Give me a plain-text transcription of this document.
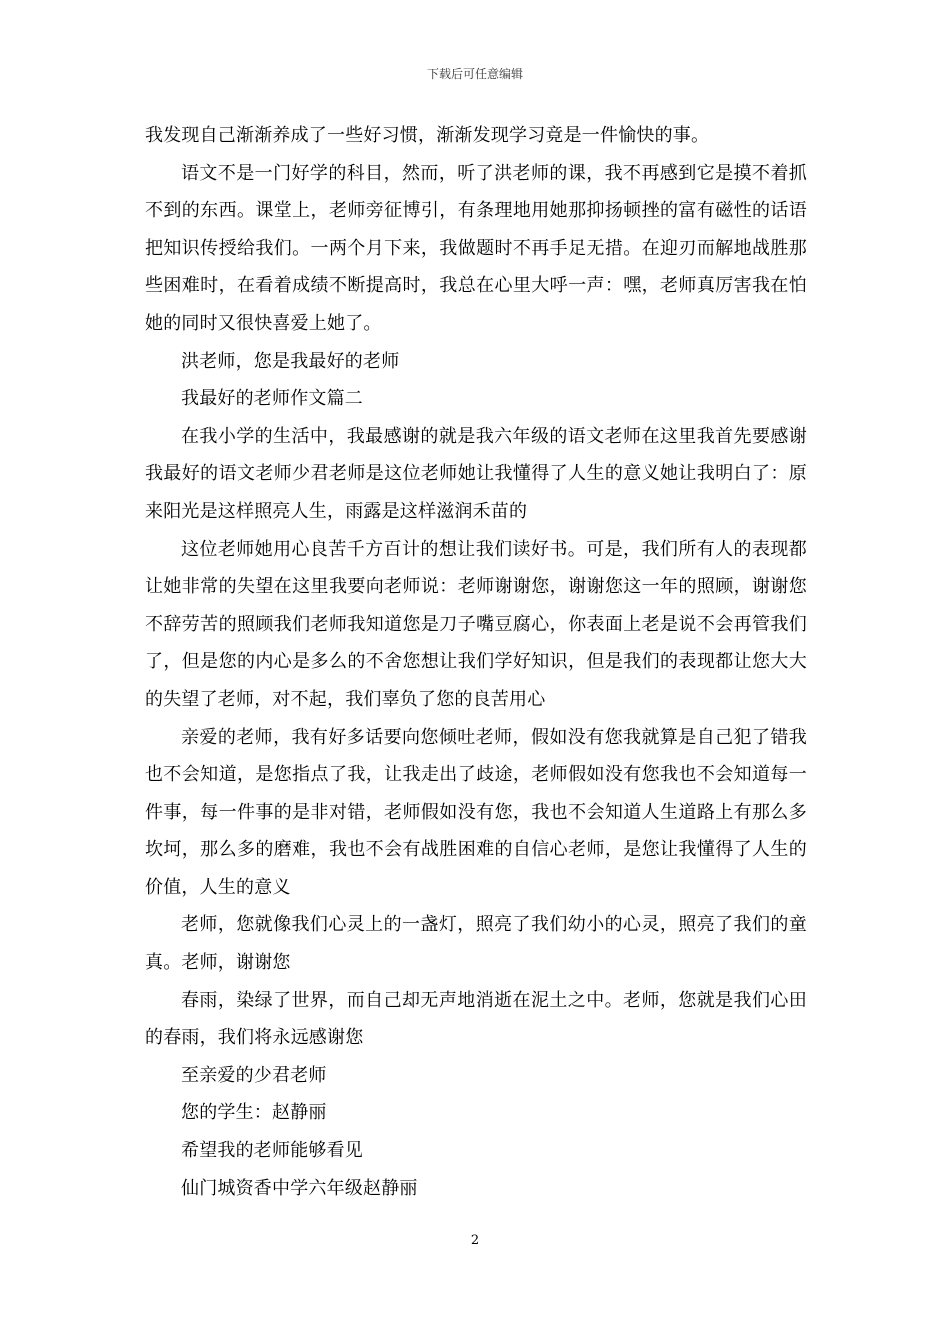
下载后可任意编辑

我发现自己渐渐养成了一些好习惯，渐渐发现学习竟是一件愉快的事。

语文不是一门好学的科目，然而，听了洪老师的课，我不再感到它是摸不着抓不到的东西。课堂上，老师旁征博引，有条理地用她那抑扬顿挫的富有磁性的话语把知识传授给我们。一两个月下来，我做题时不再手足无措。在迎刃而解地战胜那些困难时，在看着成绩不断提高时，我总在心里大呼一声：嘿，老师真厉害我在怕她的同时又很快喜爱上她了。

洪老师，您是我最好的老师

我最好的老师作文篇二

在我小学的生活中，我最感谢的就是我六年级的语文老师在这里我首先要感谢我最好的语文老师少君老师是这位老师她让我懂得了人生的意义她让我明白了：原来阳光是这样照亮人生，雨露是这样滋润禾苗的

这位老师她用心良苦千方百计的想让我们读好书。可是，我们所有人的表现都让她非常的失望在这里我要向老师说：老师谢谢您，谢谢您这一年的照顾，谢谢您不辞劳苦的照顾我们老师我知道您是刀子嘴豆腐心，你表面上老是说不会再管我们了，但是您的内心是多么的不舍您想让我们学好知识，但是我们的表现都让您大大的失望了老师，对不起，我们辜负了您的良苦用心

亲爱的老师，我有好多话要向您倾吐老师，假如没有您我就算是自己犯了错我也不会知道，是您指点了我，让我走出了歧途，老师假如没有您我也不会知道每一件事，每一件事的是非对错，老师假如没有您，我也不会知道人生道路上有那么多坎坷，那么多的磨难，我也不会有战胜困难的自信心老师，是您让我懂得了人生的价值，人生的意义

老师，您就像我们心灵上的一盏灯，照亮了我们幼小的心灵，照亮了我们的童真。老师，谢谢您

春雨，染绿了世界，而自己却无声地消逝在泥土之中。老师，您就是我们心田的春雨，我们将永远感谢您

至亲爱的少君老师

您的学生：赵静丽

希望我的老师能够看见

仙门城资香中学六年级赵静丽

2
